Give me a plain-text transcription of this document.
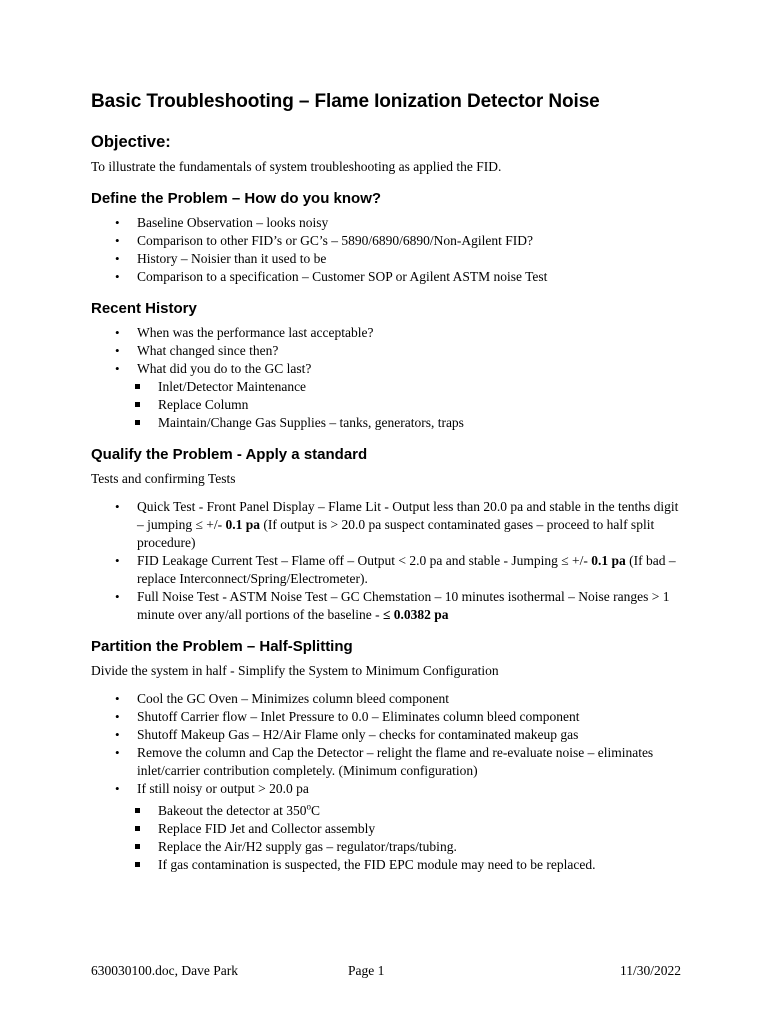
Basic Troubleshooting – Flame Ionization Detector Noise
Objective:

To illustrate the fundamentals of system troubleshooting as applied the FID.

Define the Problem – How do you know?
• Baseline Observation – looks noisy
• Comparison to other FID’s or GC’s – 5890/6890/6890/Non-Agilent FID?
• History – Noisier than it used to be
• Comparison to a specification – Customer SOP or Agilent ASTM noise Test
Recent History
• When was the performance last acceptable?
• What changed since then?
• What did you do to the GC last?
Inlet/Detector Maintenance
Replace Column
Maintain/Change Gas Supplies – tanks, generators, traps
Qualify the Problem - Apply a standard

Tests and confirming Tests

• Quick Test - Front Panel Display – Flame Lit - Output less than 20.0 pa and stable in the tenths digit – jumping ≤ +/- 0.1 pa (If output is > 20.0 pa suspect contaminated gases – proceed to half split procedure)
• FID Leakage Current Test – Flame off – Output < 2.0 pa and stable - Jumping ≤ +/- 0.1 pa (If bad – replace Interconnect/Spring/Electrometer).
• Full Noise Test - ASTM Noise Test – GC Chemstation – 10 minutes isothermal – Noise ranges > 1 minute over any/all portions of the baseline - ≤ 0.0382 pa
Partition the Problem – Half-Splitting

Divide the system in half - Simplify the System to Minimum Configuration

• Cool the GC Oven – Minimizes column bleed component
• Shutoff Carrier flow – Inlet Pressure to 0.0 – Eliminates column bleed component
• Shutoff Makeup Gas – H2/Air Flame only – checks for contaminated makeup gas
• Remove the column and Cap the Detector – relight the flame and re-evaluate noise – eliminates inlet/carrier contribution completely. (Minimum configuration)
• If still noisy or output > 20.0 pa
Bakeout the detector at 350$^o$C
Replace FID Jet and Collector assembly
Replace the Air/H2 supply gas – regulator/traps/tubing.
If gas contamination is suspected, the FID EPC module may need to be replaced.
630030100.doc, Dave Park	Page 1	11/30/2022
